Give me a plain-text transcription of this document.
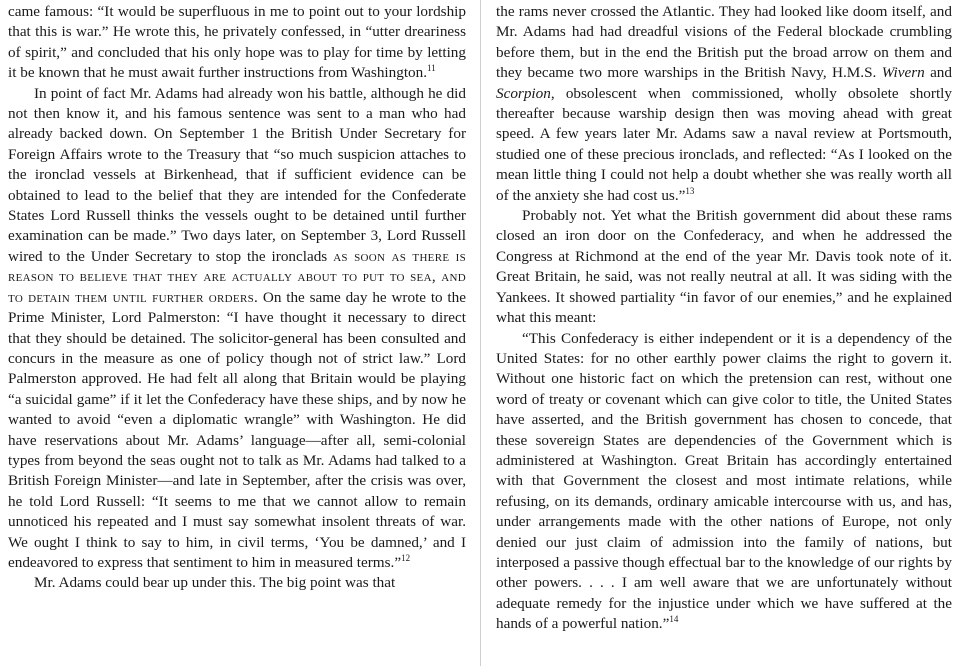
came famous: “It would be superfluous in me to point out to your lordship that this is war.” He wrote this, he privately confessed, in “utter dreariness of spirit,” and concluded that his only hope was to play for time by letting it be known that he must await further instructions from Washington.$^{11}$

In point of fact Mr. Adams had already won his battle, although he did not then know it, and his famous sentence was sent to a man who had already backed down. On September 1 the British Under Secretary for Foreign Affairs wrote to the Treasury that “so much suspicion attaches to the ironclad vessels at Birkenhead, that if sufficient evidence can be obtained to lead to the belief that they are intended for the Confederate States Lord Russell thinks the vessels ought to be detained until further examination can be made.” Two days later, on September 3, Lord Russell wired to the Under Secretary to stop the ironclads as soon as there is reason to believe that they are actually about to put to sea, and to detain them until further orders. On the same day he wrote to the Prime Minister, Lord Palmerston: “I have thought it necessary to direct that they should be detained. The solicitor-general has been consulted and concurs in the measure as one of policy though not of strict law.” Lord Palmerston approved. He had felt all along that Britain would be playing “a suicidal game” if it let the Confederacy have these ships, and by now he wanted to avoid “even a diplomatic wrangle” with Washington. He did have reservations about Mr. Adams’ language—after all, semi-colonial types from beyond the seas ought not to talk as Mr. Adams had talked to a British Foreign Minister—and late in September, after the crisis was over, he told Lord Russell: “It seems to me that we cannot allow to remain unnoticed his repeated and I must say somewhat insolent threats of war. We ought I think to say to him, in civil terms, ‘You be damned,’ and I endeavored to express that sentiment to him in measured terms.”$^{12}$

Mr. Adams could bear up under this. The big point was that

the rams never crossed the Atlantic. They had looked like doom itself, and Mr. Adams had had dreadful visions of the Federal blockade crumbling before them, but in the end the British put the broad arrow on them and they became two more warships in the British Navy, H.M.S. Wivern and Scorpion, obsolescent when commissioned, wholly obsolete shortly thereafter because warship design then was moving ahead with great speed. A few years later Mr. Adams saw a naval review at Portsmouth, studied one of these precious ironclads, and reflected: “As I looked on the mean little thing I could not help a doubt whether she was really worth all of the anxiety she had cost us.”$^{13}$

Probably not. Yet what the British government did about these rams closed an iron door on the Confederacy, and when he addressed the Congress at Richmond at the end of the year Mr. Davis took note of it. Great Britain, he said, was not really neutral at all. It was siding with the Yankees. It showed partiality “in favor of our enemies,” and he explained what this meant:

“This Confederacy is either independent or it is a dependency of the United States: for no other earthly power claims the right to govern it. Without one historic fact on which the pretension can rest, without one word of treaty or covenant which can give color to title, the United States have asserted, and the British government has chosen to concede, that these sovereign States are dependencies of the Government which is administered at Washington. Great Britain has accordingly entertained with that Government the closest and most intimate relations, while refusing, on its demands, ordinary amicable intercourse with us, and has, under arrangements made with the other nations of Europe, not only denied our just claim of admission into the family of nations, but interposed a passive though effectual bar to the knowledge of our rights by other powers. . . . I am well aware that we are unfortunately without adequate remedy for the injustice under which we have suffered at the hands of a powerful nation.”$^{14}$
